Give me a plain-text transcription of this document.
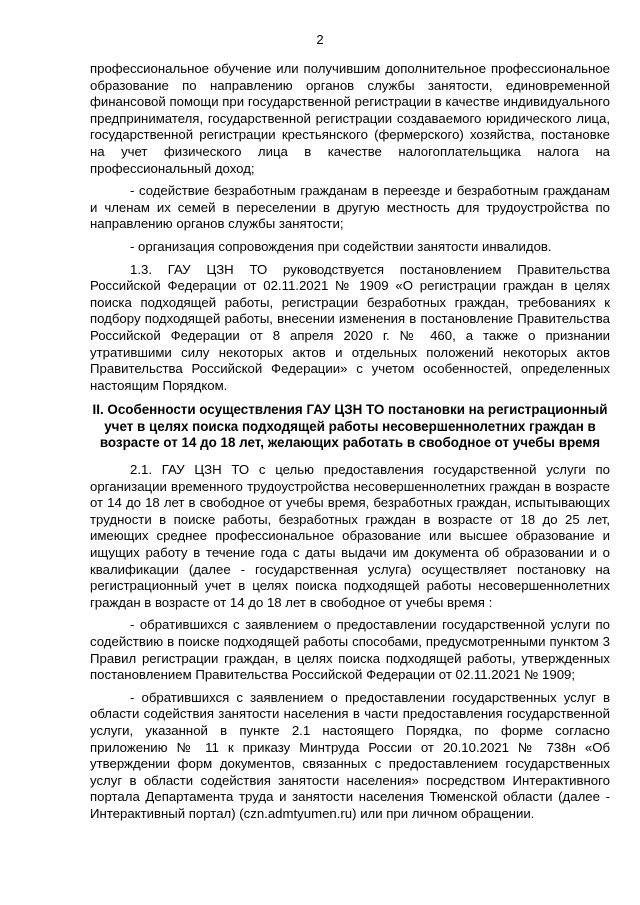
2

профессиональное обучение или получившим дополнительное профессиональное образование по направлению органов службы занятости, единовременной финансовой помощи при государственной регистрации в качестве индивидуального предпринимателя, государственной регистрации создаваемого юридического лица, государственной регистрации крестьянского (фермерского) хозяйства, постановке на учет физического лица в качестве налогоплательщика налога на профессиональный доход;

- содействие безработным гражданам в переезде и безработным гражданам и членам их семей в переселении в другую местность для трудоустройства по направлению органов службы занятости;

- организация сопровождения при содействии занятости инвалидов.

1.3. ГАУ ЦЗН ТО руководствуется постановлением Правительства Российской Федерации от 02.11.2021 № 1909 «О регистрации граждан в целях поиска подходящей работы, регистрации безработных граждан, требованиях к подбору подходящей работы, внесении изменения в постановление Правительства Российской Федерации от 8 апреля 2020 г. № 460, а также о признании утратившими силу некоторых актов и отдельных положений некоторых актов Правительства Российской Федерации» с учетом особенностей, определенных настоящим Порядком.

II. Особенности осуществления ГАУ ЦЗН ТО постановки на регистрационный учет в целях поиска подходящей работы несовершеннолетних граждан в возрасте от 14 до 18 лет, желающих работать в свободное от учебы время

2.1. ГАУ ЦЗН ТО с целью предоставления государственной услуги по организации временного трудоустройства несовершеннолетних граждан в возрасте от 14 до 18 лет в свободное от учебы время, безработных граждан, испытывающих трудности в поиске работы, безработных граждан в возрасте от 18 до 25 лет, имеющих среднее профессиональное образование или высшее образование и ищущих работу в течение года с даты выдачи им документа об образовании и о квалификации (далее - государственная услуга) осуществляет постановку на регистрационный учет в целях поиска подходящей работы несовершеннолетних граждан в возрасте от 14 до 18 лет в свободное от учебы время :

- обратившихся с заявлением о предоставлении государственной услуги по содействию в поиске подходящей работы способами, предусмотренными пунктом 3 Правил регистрации граждан, в целях поиска подходящей работы, утвержденных постановлением Правительства Российской Федерации от 02.11.2021 № 1909;

- обратившихся с заявлением о предоставлении государственных услуг в области содействия занятости населения в части предоставления государственной услуги, указанной в пункте 2.1 настоящего Порядка, по форме согласно приложению № 11 к приказу Минтруда России от 20.10.2021 № 738н «Об утверждении форм документов, связанных с предоставлением государственных услуг в области содействия занятости населения» посредством Интерактивного портала Департамента труда и занятости населения Тюменской области (далее - Интерактивный портал) (czn.admtyumen.ru) или при личном обращении.
